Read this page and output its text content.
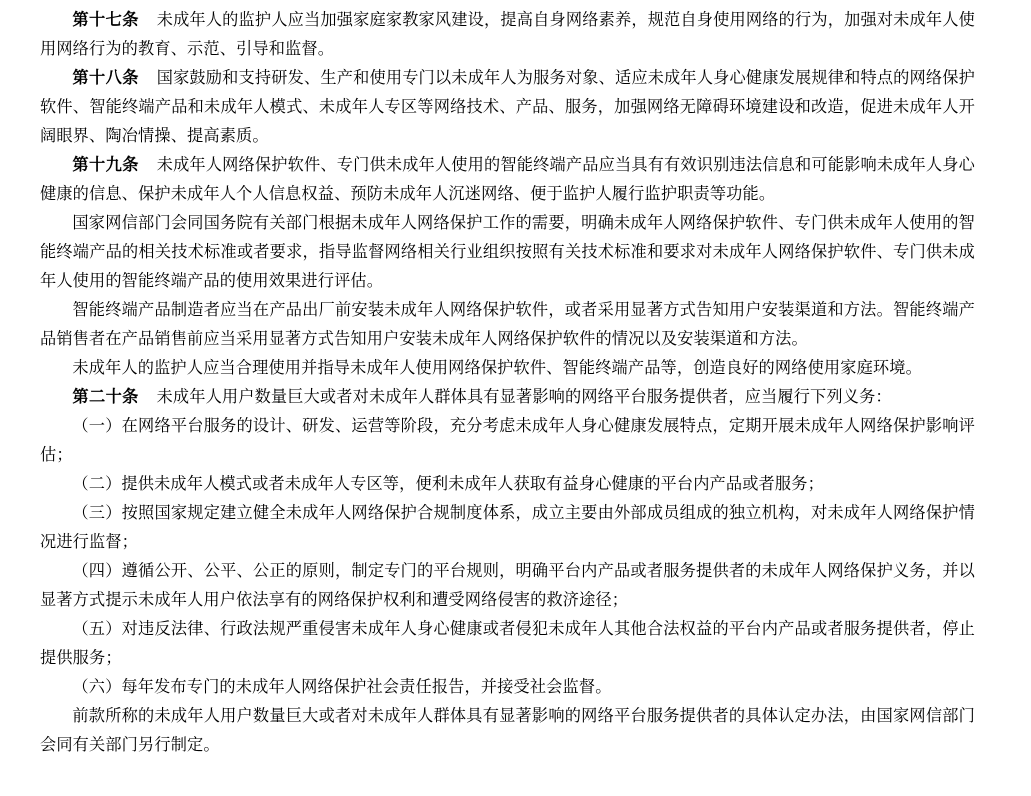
第十七条 未成年人的监护人应当加强家庭家教家风建设，提高自身网络素养，规范自身使用网络的行为，加强对未成年人使用网络行为的教育、示范、引导和监督。

第十八条 国家鼓励和支持研发、生产和使用专门以未成年人为服务对象、适应未成年人身心健康发展规律和特点的网络保护软件、智能终端产品和未成年人模式、未成年人专区等网络技术、产品、服务，加强网络无障碍环境建设和改造，促进未成年人开阔眼界、陶冶情操、提高素质。

第十九条 未成年人网络保护软件、专门供未成年人使用的智能终端产品应当具有有效识别违法信息和可能影响未成年人身心健康的信息、保护未成年人个人信息权益、预防未成年人沉迷网络、便于监护人履行监护职责等功能。

国家网信部门会同国务院有关部门根据未成年人网络保护工作的需要，明确未成年人网络保护软件、专门供未成年人使用的智能终端产品的相关技术标准或者要求，指导监督网络相关行业组织按照有关技术标准和要求对未成年人网络保护软件、专门供未成年人使用的智能终端产品的使用效果进行评估。

智能终端产品制造者应当在产品出厂前安装未成年人网络保护软件，或者采用显著方式告知用户安装渠道和方法。智能终端产品销售者在产品销售前应当采用显著方式告知用户安装未成年人网络保护软件的情况以及安装渠道和方法。

未成年人的监护人应当合理使用并指导未成年人使用网络保护软件、智能终端产品等，创造良好的网络使用家庭环境。

第二十条 未成年人用户数量巨大或者对未成年人群体具有显著影响的网络平台服务提供者，应当履行下列义务：

（一）在网络平台服务的设计、研发、运营等阶段，充分考虑未成年人身心健康发展特点，定期开展未成年人网络保护影响评估；

（二）提供未成年人模式或者未成年人专区等，便利未成年人获取有益身心健康的平台内产品或者服务；

（三）按照国家规定建立健全未成年人网络保护合规制度体系，成立主要由外部成员组成的独立机构，对未成年人网络保护情况进行监督；

（四）遵循公开、公平、公正的原则，制定专门的平台规则，明确平台内产品或者服务提供者的未成年人网络保护义务，并以显著方式提示未成年人用户依法享有的网络保护权利和遭受网络侵害的救济途径；

（五）对违反法律、行政法规严重侵害未成年人身心健康或者侵犯未成年人其他合法权益的平台内产品或者服务提供者，停止提供服务；

（六）每年发布专门的未成年人网络保护社会责任报告，并接受社会监督。

前款所称的未成年人用户数量巨大或者对未成年人群体具有显著影响的网络平台服务提供者的具体认定办法，由国家网信部门会同有关部门另行制定。
